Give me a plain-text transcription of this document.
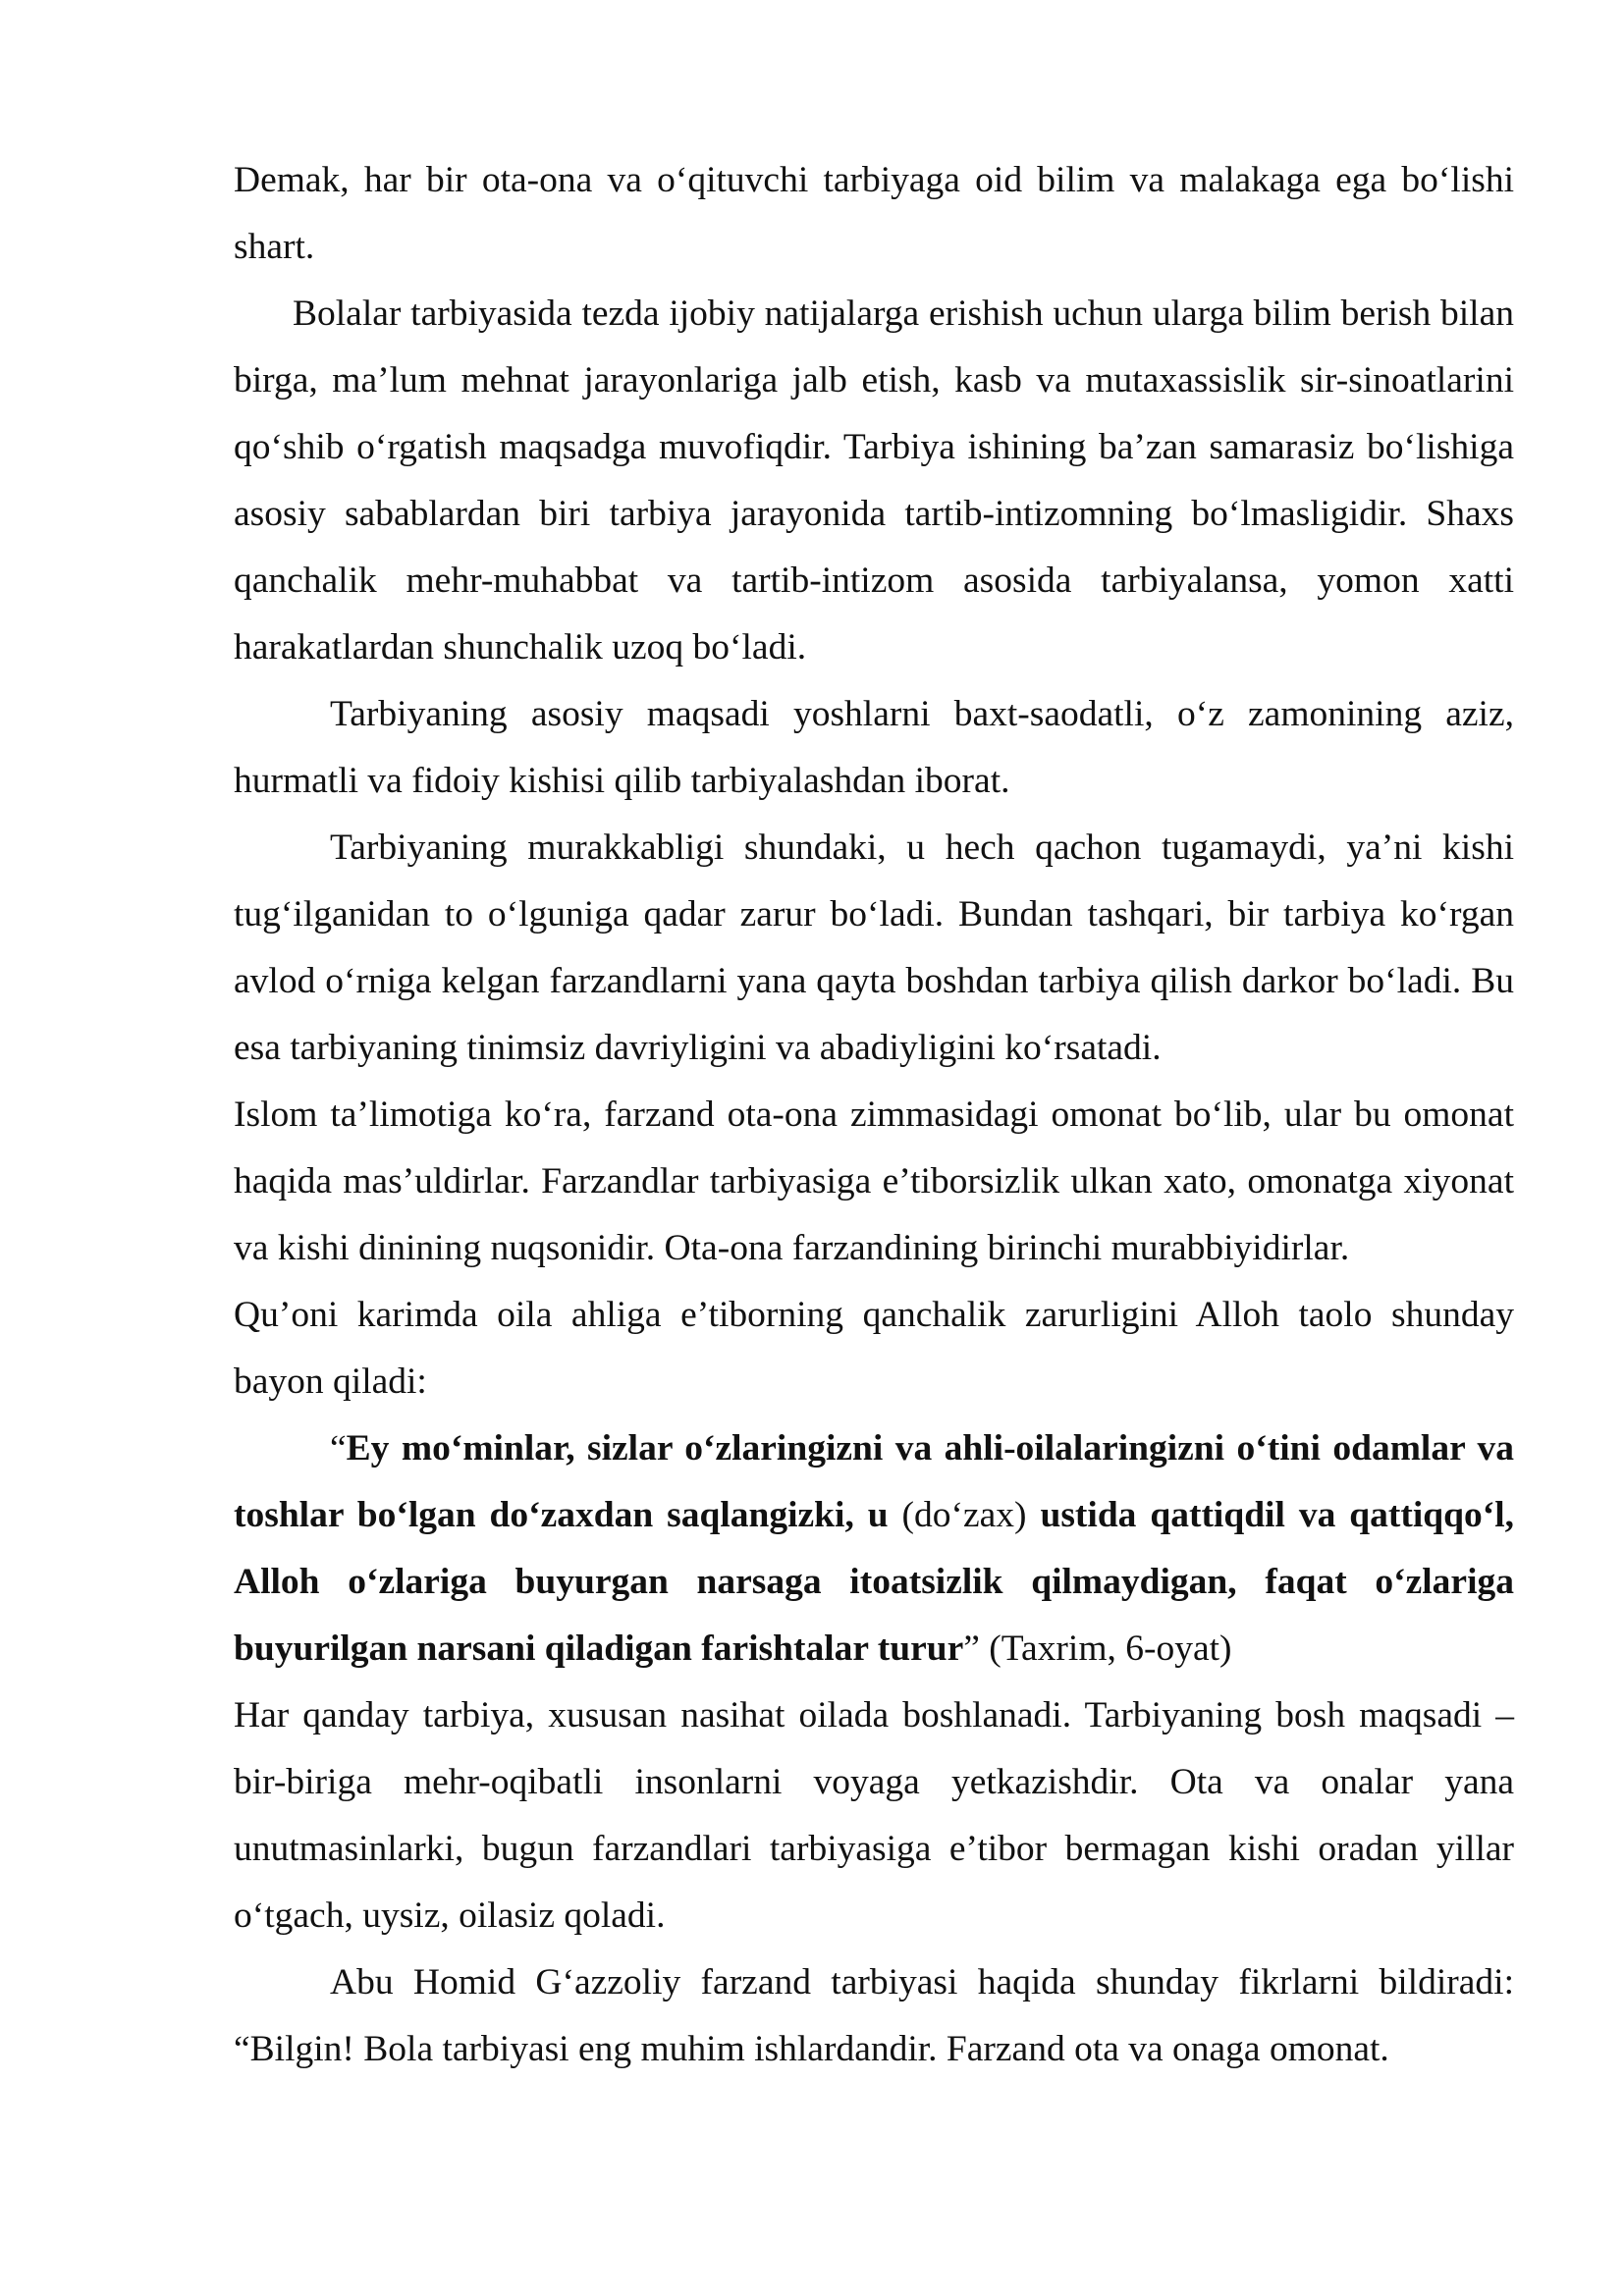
Demak, har bir ota-ona va o‘qituvchi tarbiyaga oid bilim va malakaga ega bo‘lishi shart.

Bolalar tarbiyasida tezda ijobiy natijalarga erishish uchun ularga bilim berish bilan birga, ma’lum mehnat jarayonlariga jalb etish, kasb va mutaxassislik sir-sinoatlarini qo‘shib o‘rgatish maqsadga muvofiqdir. Tarbiya ishining ba’zan samarasiz bo‘lishiga asosiy sabablardan biri tarbiya jarayonida tartib-intizomning bo‘lmasligidir. Shaxs qanchalik mehr-muhabbat va tartib-intizom asosida tarbiyalansa, yomon xatti harakatlardan shunchalik uzoq bo‘ladi.

Tarbiyaning asosiy maqsadi yoshlarni baxt-saodatli, o‘z zamonining aziz, hurmatli va fidoiy kishisi qilib tarbiyalashdan iborat.

Tarbiyaning murakkabligi shundaki, u hech qachon tugamaydi, ya’ni kishi tug‘ilganidan to o‘lguniga qadar zarur bo‘ladi. Bundan tashqari, bir tarbiya ko‘rgan avlod o‘rniga kelgan farzandlarni yana qayta boshdan tarbiya qilish darkor bo‘ladi. Bu esa tarbiyaning tinimsiz davriyligini va abadiyligini ko‘rsatadi.

Islom ta’limotiga ko‘ra, farzand ota-ona zimmasidagi omonat bo‘lib, ular bu omonat haqida mas’uldirlar. Farzandlar tarbiyasiga e’tiborsizlik ulkan xato, omonatga xiyonat va kishi dinining nuqsonidir. Ota-ona farzandining birinchi murabbiyidirlar.

Qu’oni karimda oila ahliga e’tiborning qanchalik zarurligini Alloh taolo shunday bayon qiladi:

“Ey mo‘minlar, sizlar o‘zlaringizni va ahli-oilalaringizni o‘tini odamlar va toshlar bo‘lgan do‘zaxdan saqlangizki, u (do‘zax) ustida qattiqdil va qattiqqo‘l, Alloh o‘zlariga buyurgan narsaga itoatsizlik qilmaydigan, faqat o‘zlariga buyurilgan narsani qiladigan farishtalar turur” (Taxrim, 6-oyat)

Har qanday tarbiya, xususan nasihat oilada boshlanadi. Tarbiyaning bosh maqsadi – bir-biriga mehr-oqibatli insonlarni voyaga yetkazishdir. Ota va onalar yana unutmasinlarki, bugun farzandlari tarbiyasiga e’tibor bermagan kishi oradan yillar o‘tgach, uysiz, oilasiz qoladi.

Abu Homid G‘azzoliy farzand tarbiyasi haqida shunday fikrlarni bildiradi: “Bilgin! Bola tarbiyasi eng muhim ishlardandir. Farzand ota va onaga omonat.
